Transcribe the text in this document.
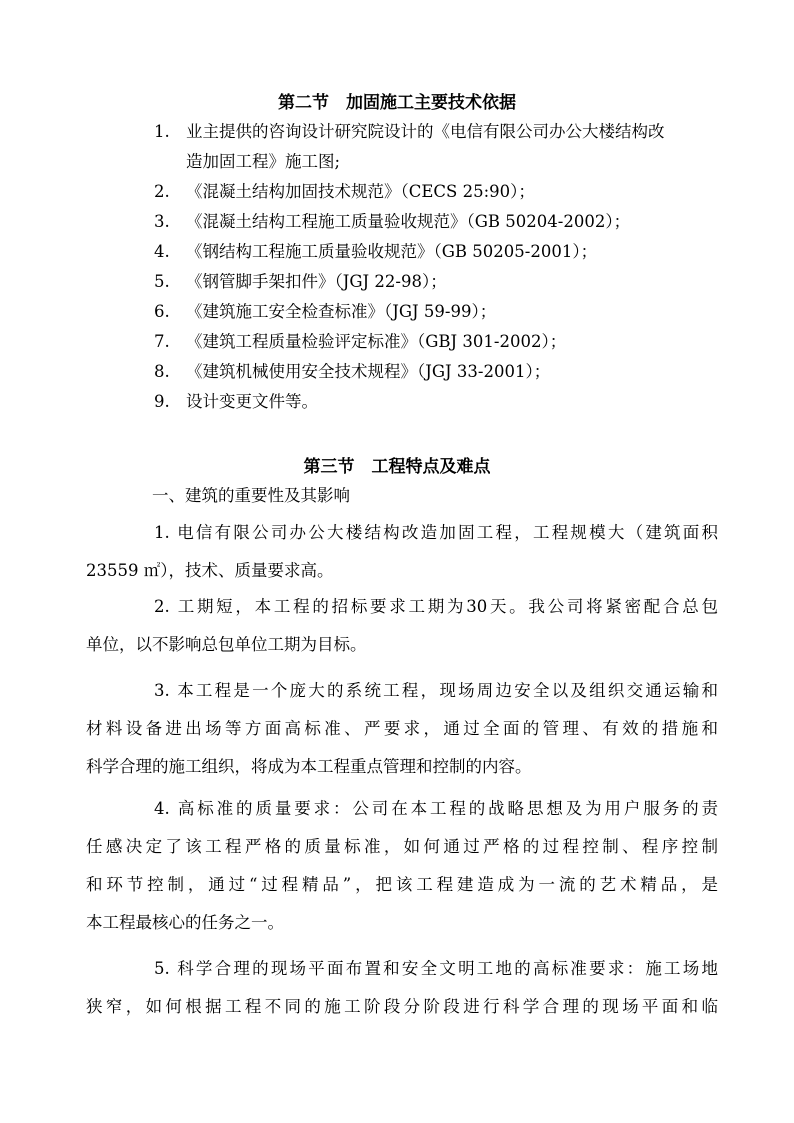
第二节　加固施工主要技术依据
1. 业主提供的咨询设计研究院设计的《电信有限公司办公大楼结构改
造加固工程》施工图;
2. 《混凝土结构加固技术规范》（CECS 25:90）；
3. 《混凝土结构工程施工质量验收规范》（GB 50204-2002）；
4. 《钢结构工程施工质量验收规范》（GB 50205-2001）；
5. 《钢管脚手架扣件》（JGJ 22-98）；
6. 《建筑施工安全检查标准》（JGJ 59-99）；
7. 《建筑工程质量检验评定标准》（GBJ 301-2002）；
8. 《建筑机械使用安全技术规程》（JGJ 33-2001）；
9. 设计变更文件等。
第三节　工程特点及难点
一、建筑的重要性及其影响
1. 电信有限公司办公大楼结构改造加固工程，工程规模大（建筑面积
23559 ㎡），技术、质量要求高。
2. 工期短，本工程的招标要求工期为30天。我公司将紧密配合总包
单位，以不影响总包单位工期为目标。
3. 本工程是一个庞大的系统工程，现场周边安全以及组织交通运输和
材料设备进出场等方面高标准、严要求，通过全面的管理、有效的措施和
科学合理的施工组织，将成为本工程重点管理和控制的内容。
4. 高标准的质量要求：公司在本工程的战略思想及为用户服务的责
任感决定了该工程严格的质量标准，如何通过严格的过程控制、程序控制
和环节控制，通过“过程精品”，把该工程建造成为一流的艺术精品，是
本工程最核心的任务之一。
5. 科学合理的现场平面布置和安全文明工地的高标准要求：施工场地
狭窄，如何根据工程不同的施工阶段分阶段进行科学合理的现场平面和临
